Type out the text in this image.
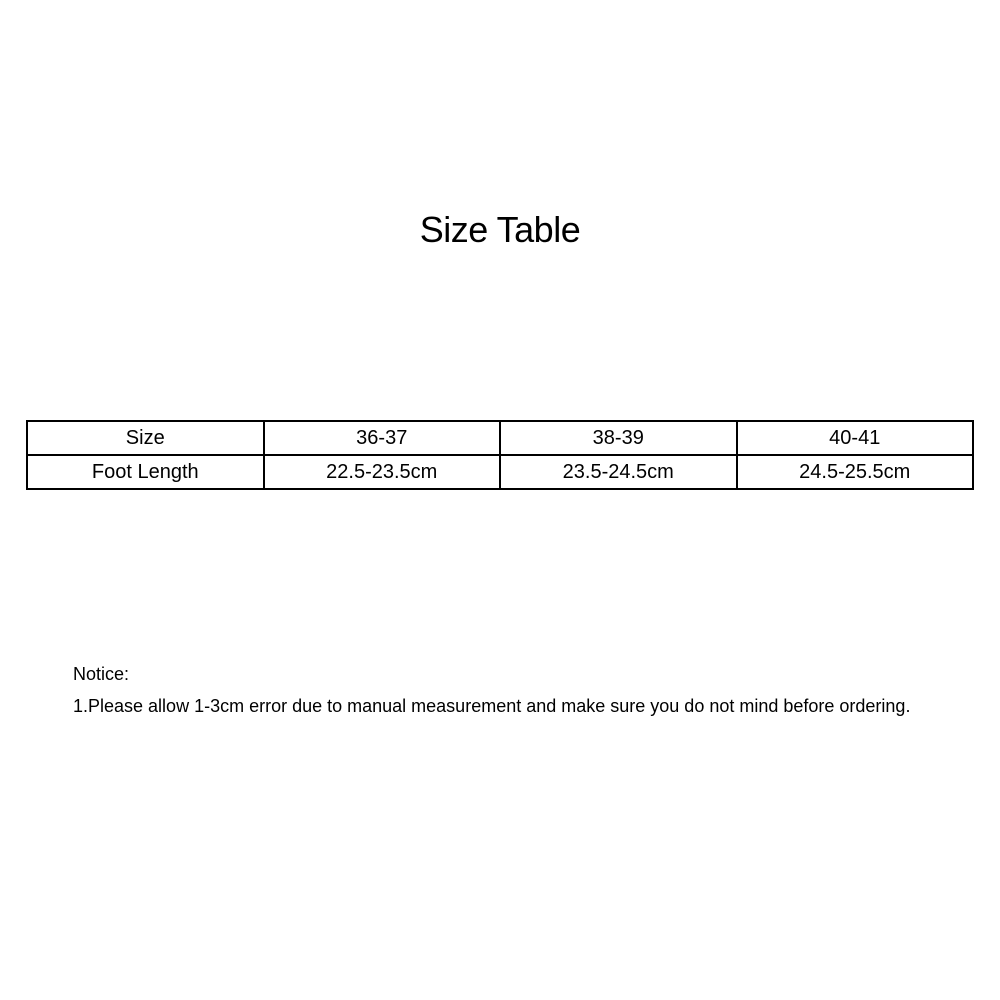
Size Table
Size	36-37	38-39	40-41
Foot Length	22.5-23.5cm	23.5-24.5cm	24.5-25.5cm
Notice:
1.Please allow 1-3cm error due to manual measurement and make sure you do not mind before ordering.
